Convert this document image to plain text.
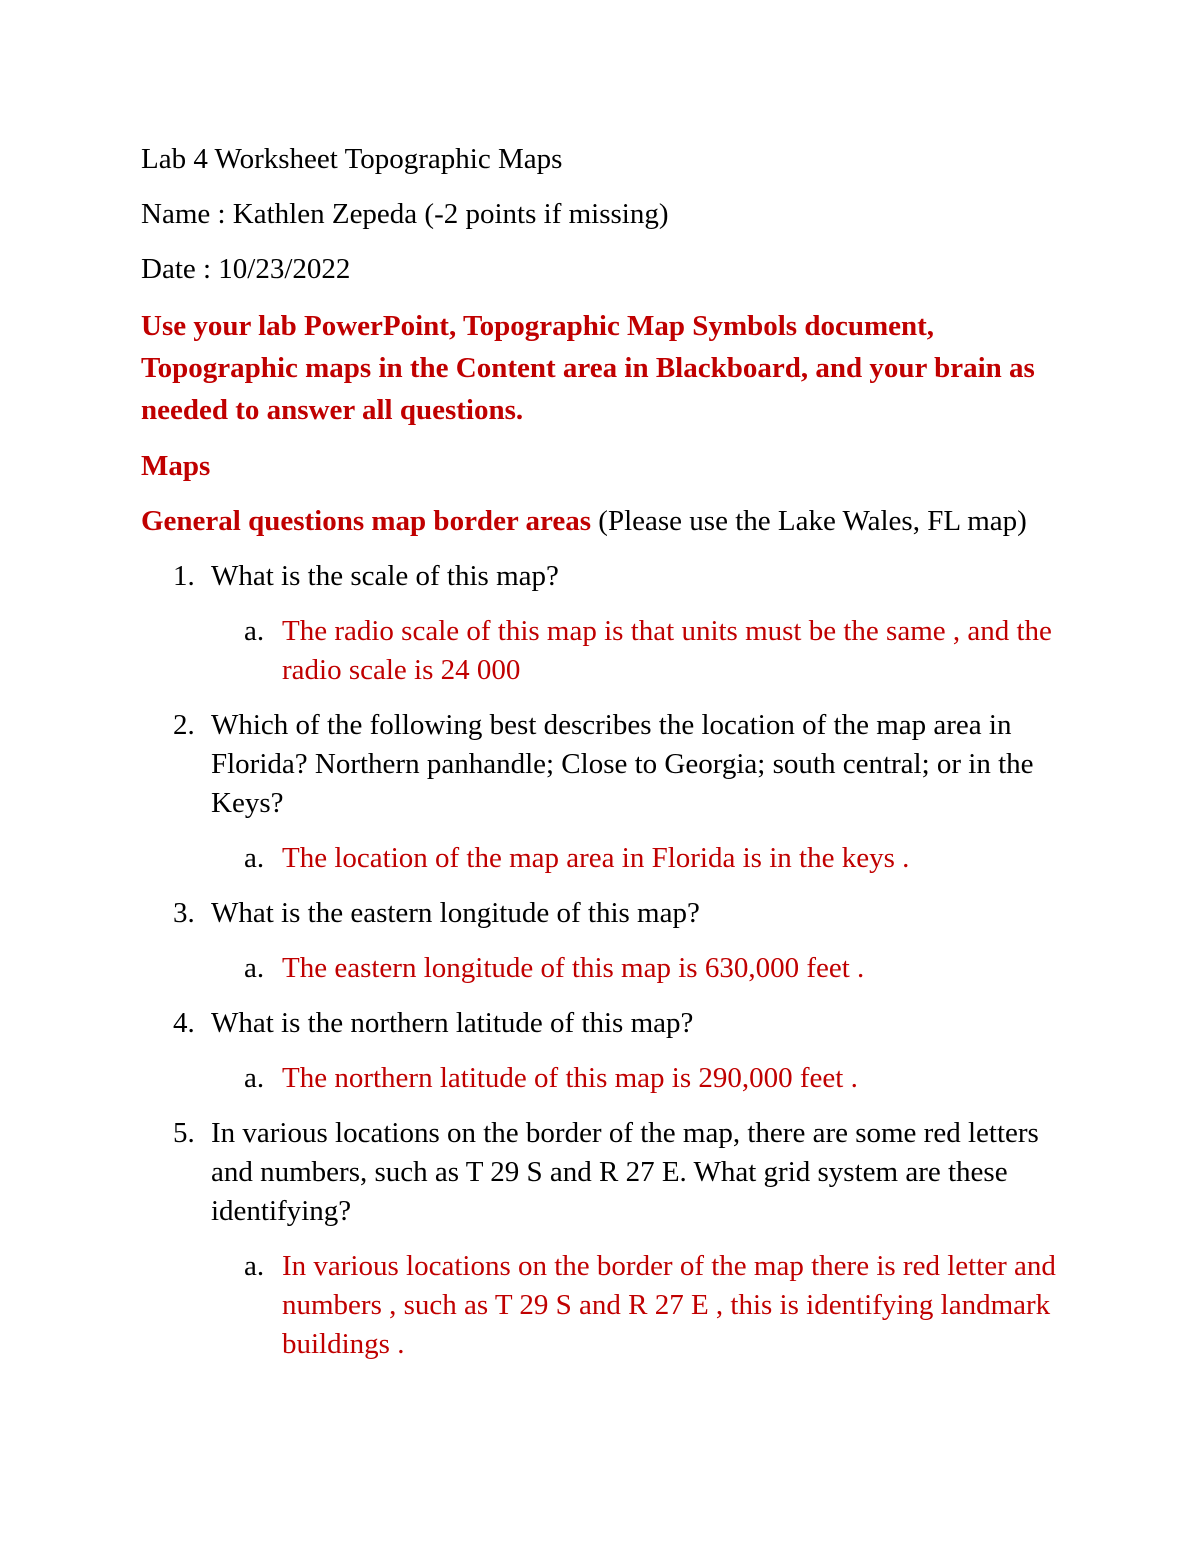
Lab 4 Worksheet Topographic Maps

Name : Kathlen Zepeda (-2 points if missing)

Date : 10/23/2022

Use your lab PowerPoint, Topographic Map Symbols document, Topographic maps in the Content area in Blackboard, and your brain as needed to answer all questions.

Maps

General questions map border areas (Please use the Lake Wales, FL map)

1. What is the scale of this map?
a. The radio scale of this map is that units must be the same , and the radio scale is 24 000
2. Which of the following best describes the location of the map area in Florida? Northern panhandle; Close to Georgia; south central; or in the Keys?
a. The location of the map area in Florida is in the keys .
3. What is the eastern longitude of this map?
a. The eastern longitude of this map is 630,000 feet .
4. What is the northern latitude of this map?
a. The northern latitude of this map is 290,000 feet .
5. In various locations on the border of the map, there are some red letters and numbers, such as T 29 S and R 27 E. What grid system are these identifying?
a. In various locations on the border of the map there is red letter and numbers , such as T 29 S and R 27 E , this is identifying landmark buildings .
